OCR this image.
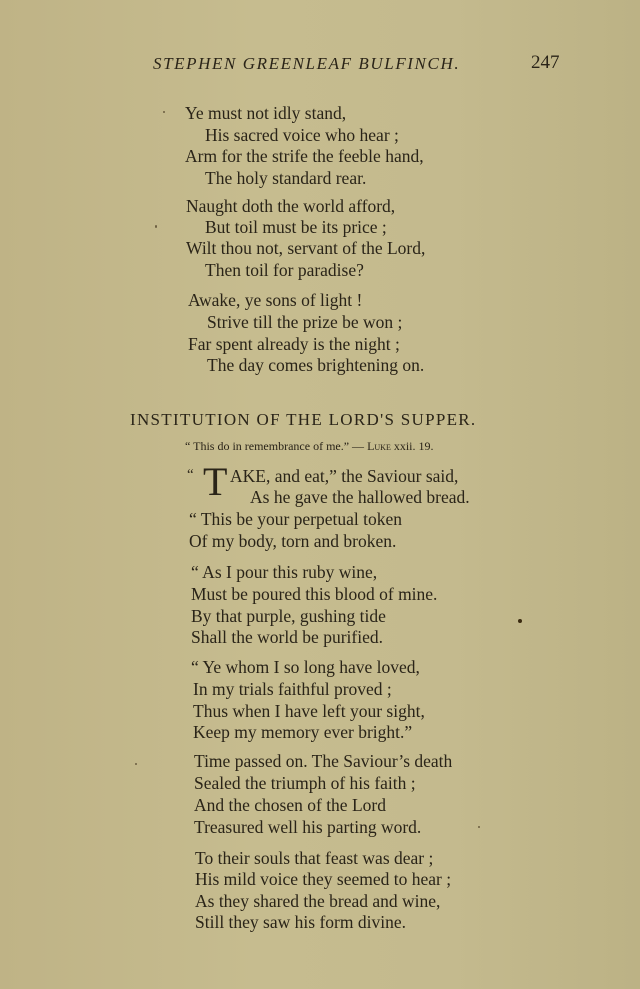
STEPHEN GREENLEAF BULFINCH.	247
Ye must not idly stand,
His sacred voice who hear ;
Arm for the strife the feeble hand,
The holy standard rear.
Naught doth the world afford,
But toil must be its price ;
Wilt thou not, servant of the Lord,
Then toil for paradise?
Awake, ye sons of light !
Strive till the prize be won ;
Far spent already is the night ;
The day comes brightening on.
INSTITUTION OF THE LORD'S SUPPER.
“ This do in remembrance of me.” — Luke xxii. 19.
“ T AKE, and eat,” the Saviour said,
As he gave the hallowed bread.
“ This be your perpetual token
Of my body, torn and broken.
“ As I pour this ruby wine,
Must be poured this blood of mine.
By that purple, gushing tide
Shall the world be purified.
“ Ye whom I so long have loved,
In my trials faithful proved ;
Thus when I have left your sight,
Keep my memory ever bright.”
Time passed on. The Saviour’s death
Sealed the triumph of his faith ;
And the chosen of the Lord
Treasured well his parting word.
To their souls that feast was dear ;
His mild voice they seemed to hear ;
As they shared the bread and wine,
Still they saw his form divine.
